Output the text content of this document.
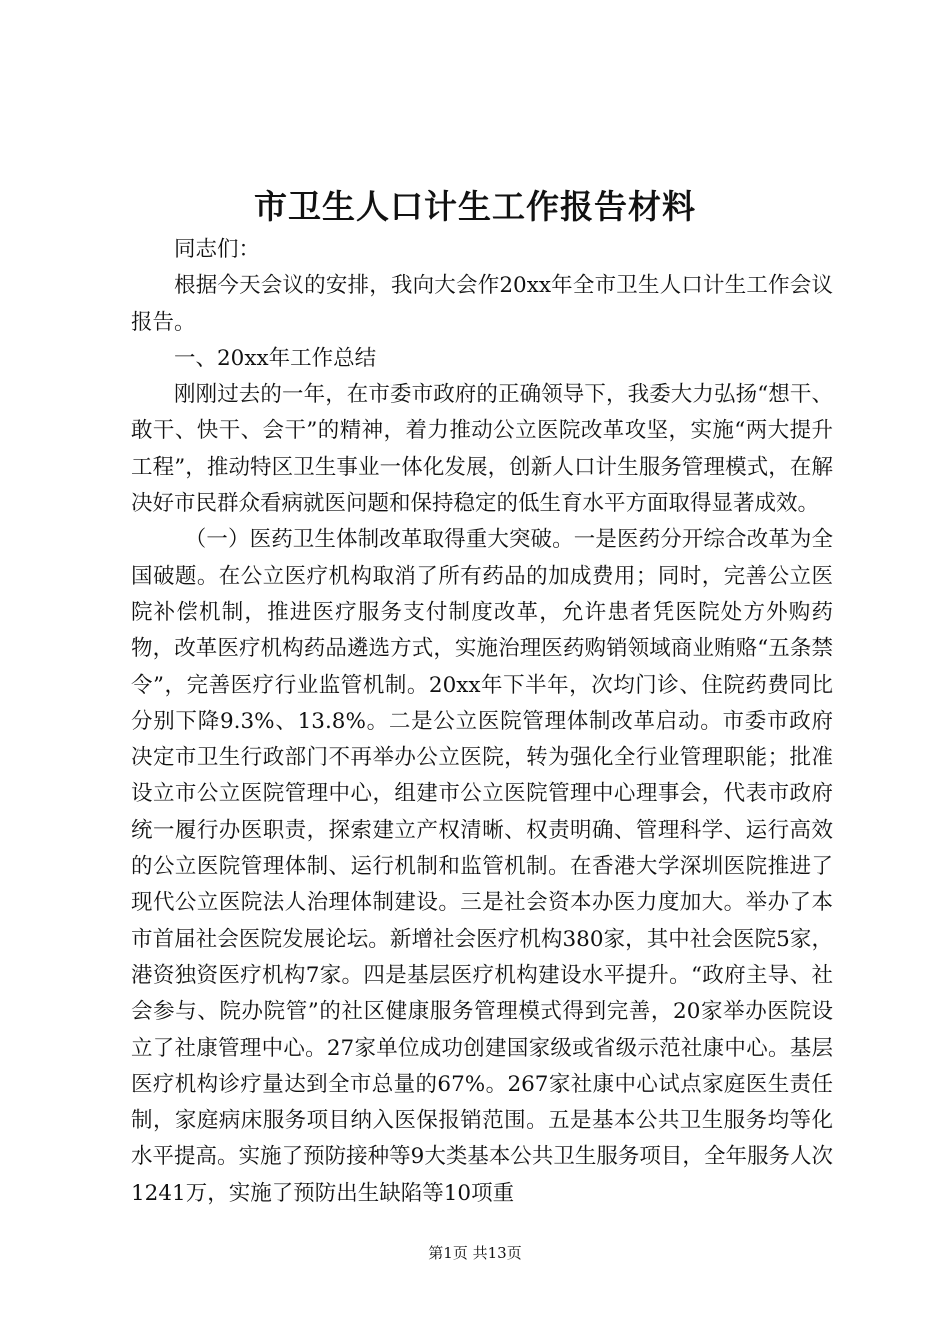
市卫生人口计生工作报告材料

同志们：

根据今天会议的安排，我向大会作20xx年全市卫生人口计生工作会议报告。

一、20xx年工作总结

刚刚过去的一年，在市委市政府的正确领导下，我委大力弘扬“想干、敢干、快干、会干”的精神，着力推动公立医院改革攻坚，实施“两大提升工程”，推动特区卫生事业一体化发展，创新人口计生服务管理模式，在解决好市民群众看病就医问题和保持稳定的低生育水平方面取得显著成效。

（一）医药卫生体制改革取得重大突破。一是医药分开综合改革为全国破题。在公立医疗机构取消了所有药品的加成费用；同时，完善公立医院补偿机制，推进医疗服务支付制度改革，允许患者凭医院处方外购药物，改革医疗机构药品遴选方式，实施治理医药购销领域商业贿赂“五条禁令”，完善医疗行业监管机制。20xx年下半年，次均门诊、住院药费同比分别下降9.3%、13.8%。二是公立医院管理体制改革启动。市委市政府决定市卫生行政部门不再举办公立医院，转为强化全行业管理职能；批准设立市公立医院管理中心，组建市公立医院管理中心理事会，代表市政府统一履行办医职责，探索建立产权清晰、权责明确、管理科学、运行高效的公立医院管理体制、运行机制和监管机制。在香港大学深圳医院推进了现代公立医院法人治理体制建设。三是社会资本办医力度加大。举办了本市首届社会医院发展论坛。新增社会医疗机构380家，其中社会医院5家，港资独资医疗机构7家。四是基层医疗机构建设水平提升。“政府主导、社会参与、院办院管”的社区健康服务管理模式得到完善，20家举办医院设立了社康管理中心。27家单位成功创建国家级或省级示范社康中心。基层医疗机构诊疗量达到全市总量的67%。267家社康中心试点家庭医生责任制，家庭病床服务项目纳入医保报销范围。五是基本公共卫生服务均等化水平提高。实施了预防接种等9大类基本公共卫生服务项目，全年服务人次1241万，实施了预防出生缺陷等10项重

第1页 共13页
